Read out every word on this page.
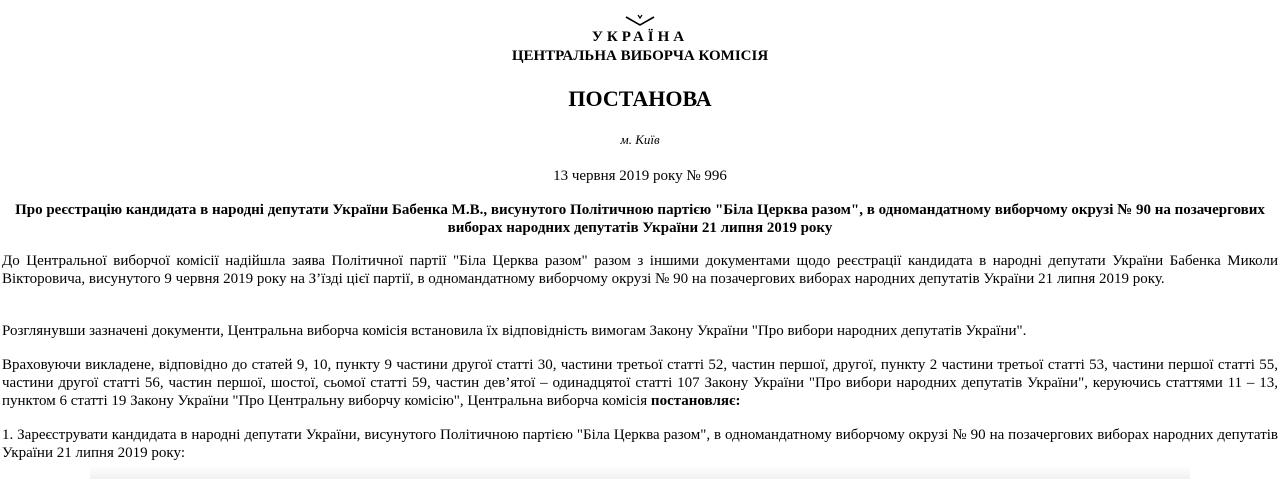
УКРАЇНА
ЦЕНТРАЛЬНА ВИБОРЧА КОМІСІЯ
ПОСТАНОВА
м. Київ
13 червня 2019 року № 996
Про реєстрацію кандидата в народні депутати України Бабенка М.В., висунутого Політичною партією "Біла Церква разом", в одномандатному виборчому окрузі № 90 на позачергових виборах народних депутатів України 21 липня 2019 року
До Центральної виборчої комісії надійшла заява Політичної партії "Біла Церква разом" разом з іншими документами щодо реєстрації кандидата в народні депутати України Бабенка Миколи Вікторовича, висунутого 9 червня 2019 року на З’їзді цієї партії, в одномандатному виборчому окрузі № 90 на позачергових виборах народних депутатів України 21 липня 2019 року.
Розглянувши зазначені документи, Центральна виборча комісія встановила їх відповідність вимогам Закону України "Про вибори народних депутатів України".
Враховуючи викладене, відповідно до статей 9, 10, пункту 9 частини другої статті 30, частини третьої статті 52, частин першої, другої, пункту 2 частини третьої статті 53, частини першої статті 55, частини другої статті 56, частин першої, шостої, сьомої статті 59, частин дев’ятої – одинадцятої статті 107 Закону України "Про вибори народних депутатів України", керуючись статтями 11 – 13, пунктом 6 статті 19 Закону України "Про Центральну виборчу комісію", Центральна виборча комісія постановляє:
1. Зареєструвати кандидата в народні депутати України, висунутого Політичною партією "Біла Церква разом", в одномандатному виборчому окрузі № 90 на позачергових виборах народних депутатів України 21 липня 2019 року:
